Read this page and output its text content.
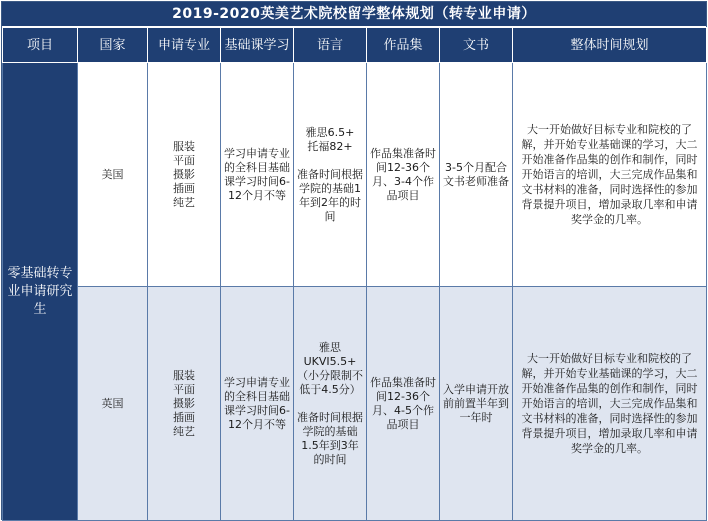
2019-2020英美艺术院校留学整体规划（转专业申请）
项目	国家	申请专业	基础课学习	语言	作品集	文书	整体时间规划
零基础转专业申请研究生	美国	服装
平面
摄影
插画
纯艺	学习申请专业的全科目基础课学习时间6-12个月不等	雅思6.5+
托福82+

准备时间根据学院的基础1年到2年的时间	作品集准备时间12-36个月、3-4个作品项目	3-5个月配合文书老师准备	大一开始做好目标专业和院校的了解，并开始专业基础课的学习，大二开始准备作品集的创作和制作，同时开始语言的培训，大三完成作品集和文书材料的准备，同时选择性的参加背景提升项目，增加录取几率和申请奖学金的几率。
	英国	服装
平面
摄影
插画
纯艺	学习申请专业的全科目基础课学习时间6-12个月不等	雅思
UKVI5.5+
（小分限制不低于4.5分）

准备时间根据学院的基础1.5年到3年的时间	作品集准备时间12-36个月、4-5个作品项目	入学申请开放前前置半年到一年时	大一开始做好目标专业和院校的了解，并开始专业基础课的学习，大二开始准备作品集的创作和制作，同时开始语言的培训，大三完成作品集和文书材料的准备，同时选择性的参加背景提升项目，增加录取几率和申请奖学金的几率。
